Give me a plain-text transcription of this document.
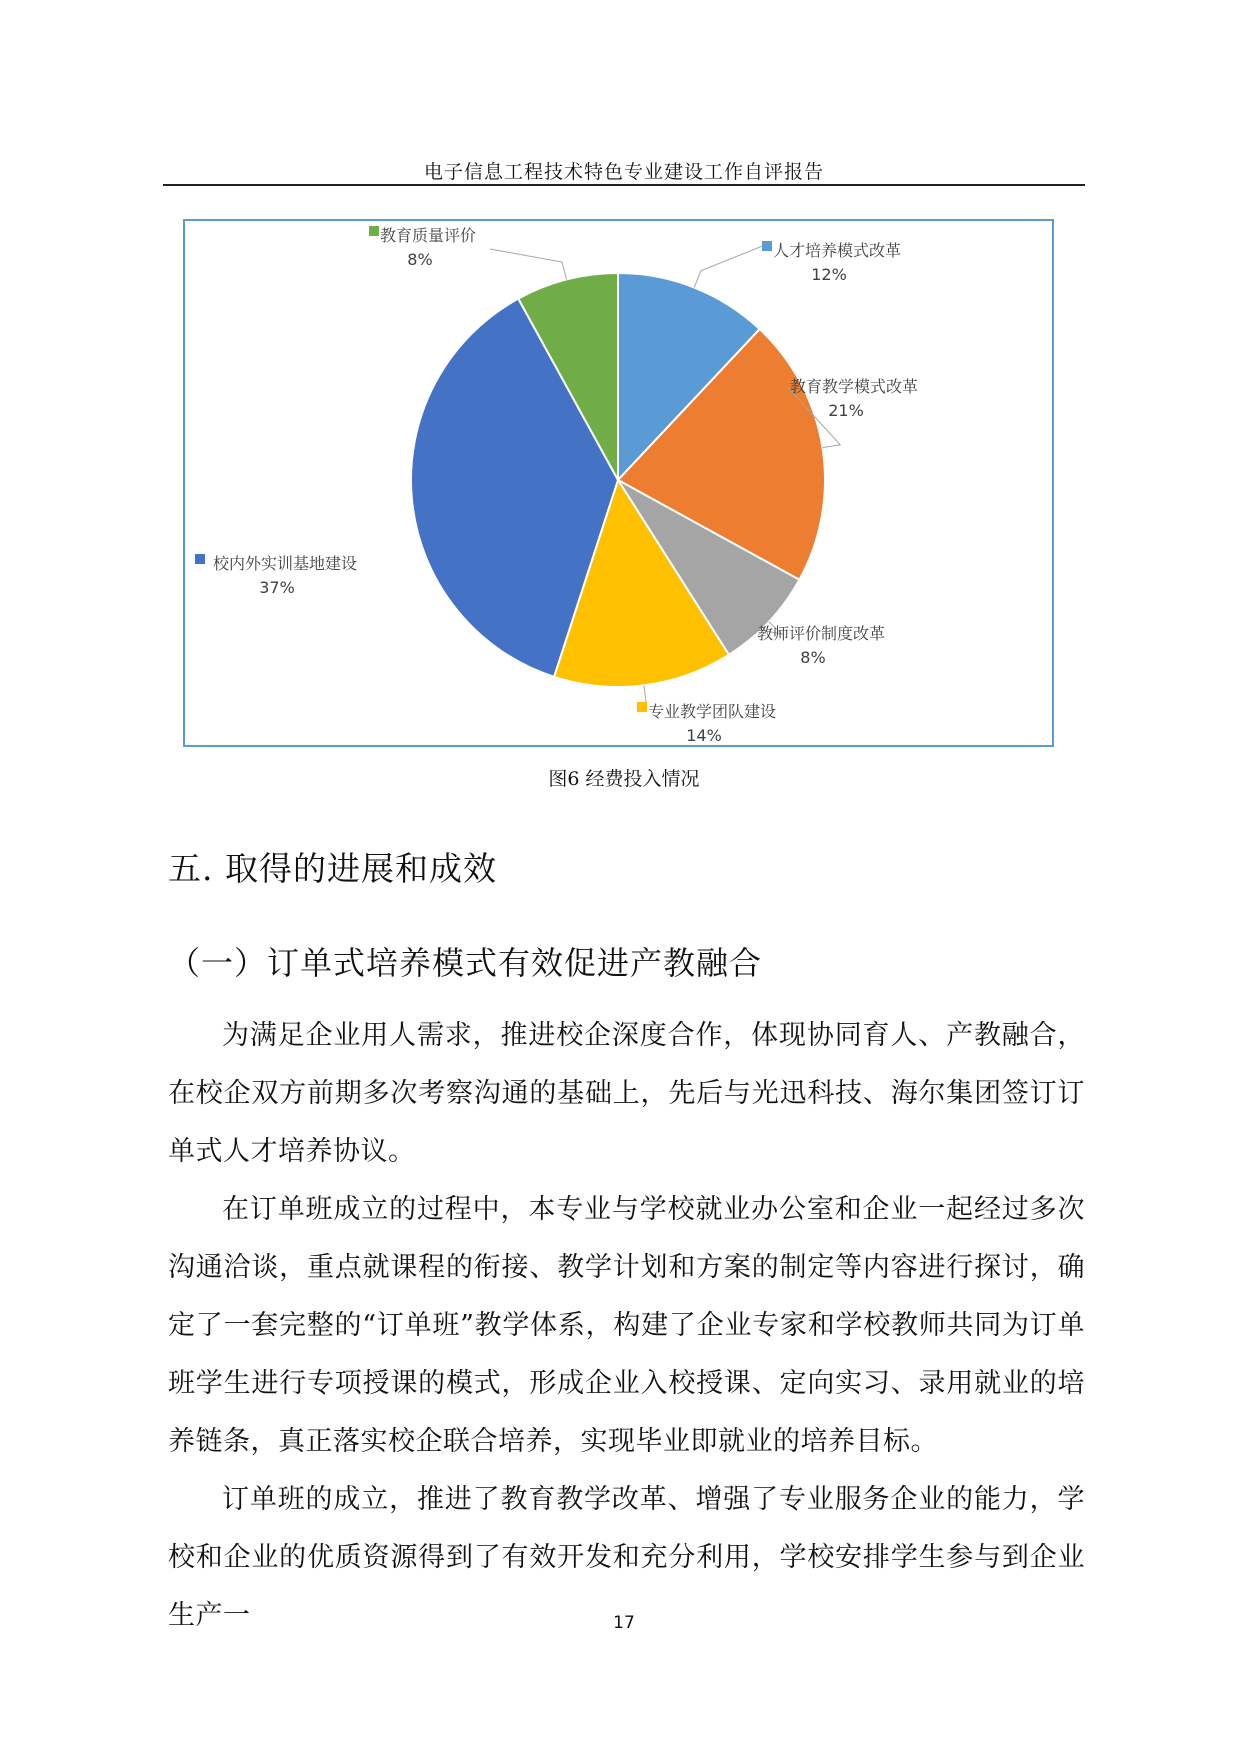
电子信息工程技术特色专业建设工作自评报告
人才培养模式改革
12%
教育教学模式改革
21%
教师评价制度改革
8%
专业教学团队建设
14%
校内外实训基地建设
37%
教育质量评价
8%
图6 经费投入情况
五. 取得的进展和成效
（一）订单式培养模式有效促进产教融合

为满足企业用人需求，推进校企深度合作，体现协同育人、产教融合，在校企双方前期多次考察沟通的基础上，先后与光迅科技、海尔集团签订订单式人才培养协议。

在订单班成立的过程中，本专业与学校就业办公室和企业一起经过多次沟通洽谈，重点就课程的衔接、教学计划和方案的制定等内容进行探讨，确定了一套完整的“订单班”教学体系，构建了企业专家和学校教师共同为订单班学生进行专项授课的模式，形成企业入校授课、定向实习、录用就业的培养链条，真正落实校企联合培养，实现毕业即就业的培养目标。

订单班的成立，推进了教育教学改革、增强了专业服务企业的能力，学校和企业的优质资源得到了有效开发和充分利用，学校安排学生参与到企业生产一	17
